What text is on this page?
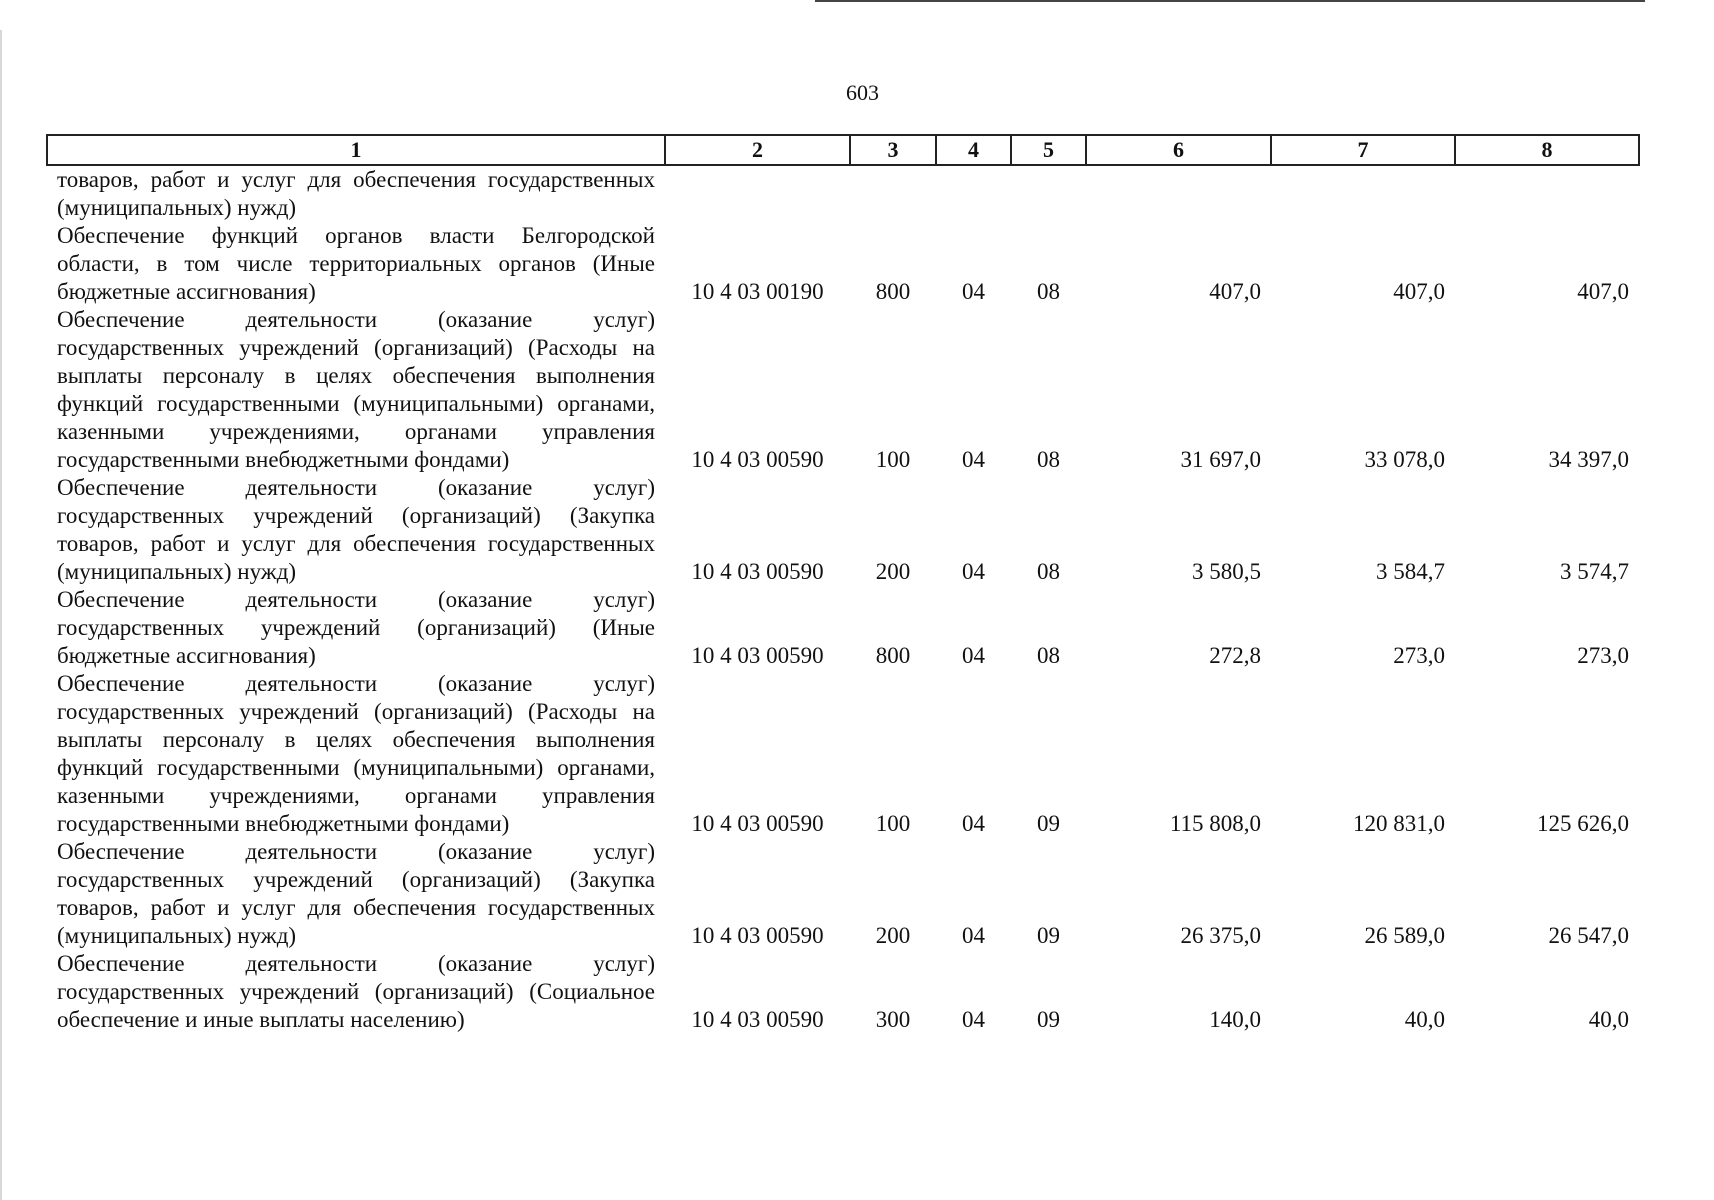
603
1	2	3	4	5	6	7	8
товаров, работ и услуг для обеспечения государственных (муниципальных) нужд)							
Обеспечение функций органов власти Белгородской области, в том числе территориальных органов (Иные бюджетные ассигнования)	10 4 03 00190	800	04	08	407,0	407,0	407,0
Обеспечение деятельности (оказание услуг) государственных учреждений (организаций) (Расходы на выплаты персоналу в целях обеспечения выполнения функций государственными (муниципальными) органами, казенными учреждениями, органами управления государственными внебюджетными фондами)	10 4 03 00590	100	04	08	31 697,0	33 078,0	34 397,0
Обеспечение деятельности (оказание услуг) государственных учреждений (организаций) (Закупка товаров, работ и услуг для обеспечения государственных (муниципальных) нужд)	10 4 03 00590	200	04	08	3 580,5	3 584,7	3 574,7
Обеспечение деятельности (оказание услуг) государственных учреждений (организаций) (Иные бюджетные ассигнования)	10 4 03 00590	800	04	08	272,8	273,0	273,0
Обеспечение деятельности (оказание услуг) государственных учреждений (организаций) (Расходы на выплаты персоналу в целях обеспечения выполнения функций государственными (муниципальными) органами, казенными учреждениями, органами управления государственными внебюджетными фондами)	10 4 03 00590	100	04	09	115 808,0	120 831,0	125 626,0
Обеспечение деятельности (оказание услуг) государственных учреждений (организаций) (Закупка товаров, работ и услуг для обеспечения государственных (муниципальных) нужд)	10 4 03 00590	200	04	09	26 375,0	26 589,0	26 547,0
Обеспечение деятельности (оказание услуг) государственных учреждений (организаций) (Социальное обеспечение и иные выплаты населению)	10 4 03 00590	300	04	09	140,0	40,0	40,0
